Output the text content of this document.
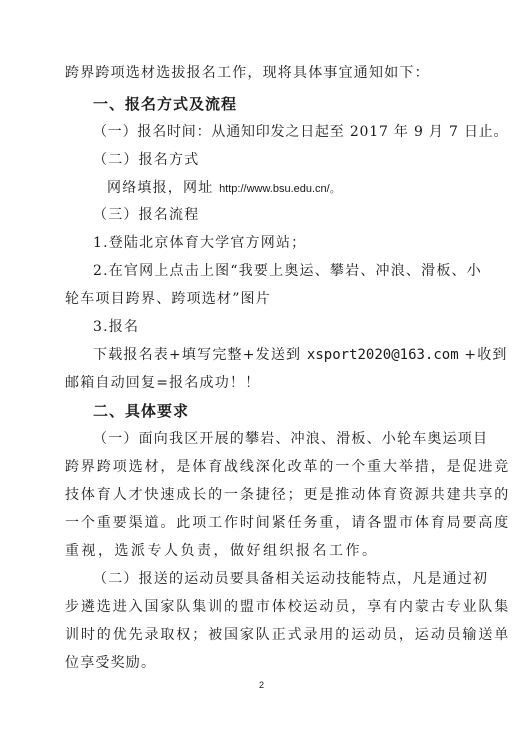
跨界跨项选材选拔报名工作，现将具体事宜通知如下：
一、报名方式及流程
（一）报名时间：从通知印发之日起至 2017 年 9 月 7 日止。
（二）报名方式
网络填报，网址 http://www.bsu.edu.cn/。
（三）报名流程
1.登陆北京体育大学官方网站；
2.在官网上点击上图“我要上奥运、攀岩、冲浪、滑板、小
轮车项目跨界、跨项选材”图片
3.报名
下载报名表+填写完整+发送到 xsport2020@163.com +收到
邮箱自动回复=报名成功！！
二、具体要求
（一）面向我区开展的攀岩、冲浪、滑板、小轮车奥运项目
跨界跨项选材，是体育战线深化改革的一个重大举措，是促进竞
技体育人才快速成长的一条捷径；更是推动体育资源共建共享的
一个重要渠道。此项工作时间紧任务重，请各盟市体育局要高度
重视，选派专人负责，做好组织报名工作。
（二）报送的运动员要具备相关运动技能特点，凡是通过初
步遴选进入国家队集训的盟市体校运动员，享有内蒙古专业队集
训时的优先录取权；被国家队正式录用的运动员，运动员输送单
位享受奖励。
2
